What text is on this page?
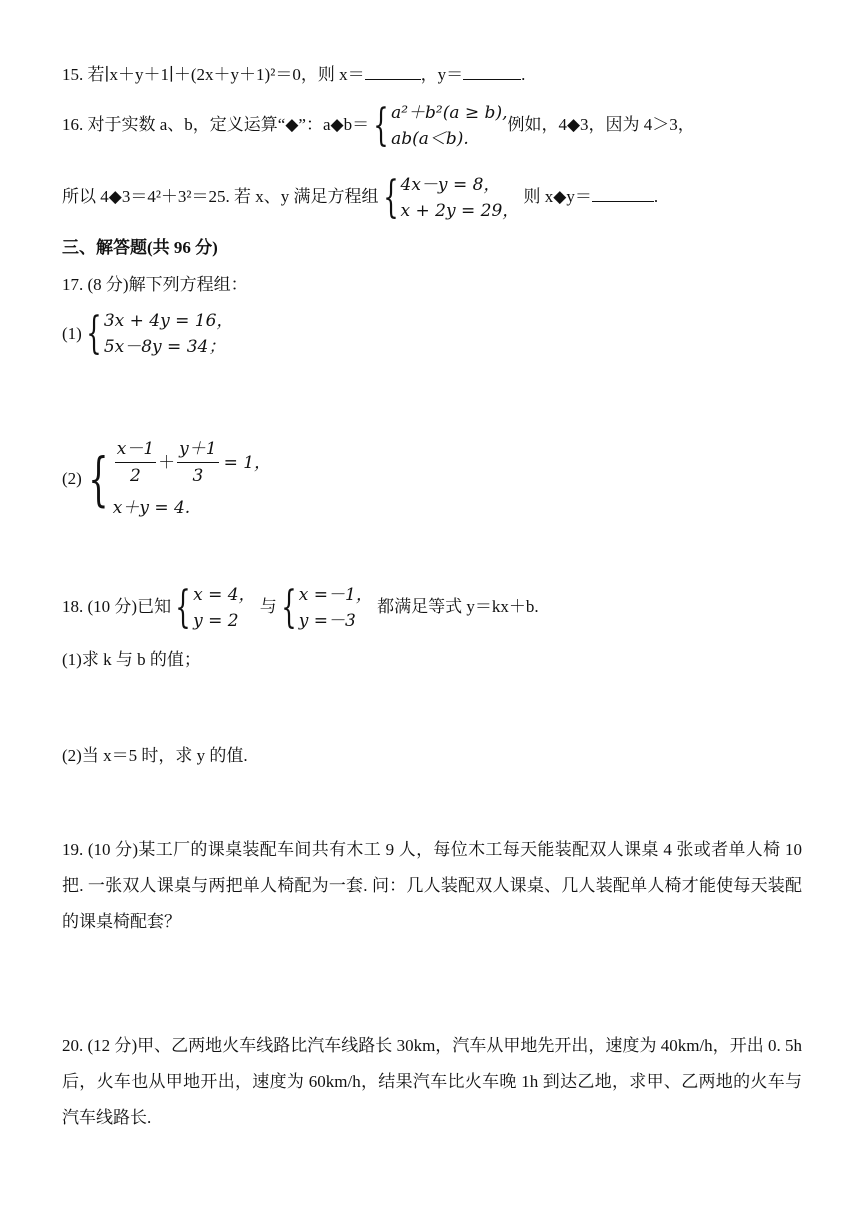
15. 若∣x＋y＋1∣＋(2x＋y＋1)²＝0，则 x＝	，y＝	.
16. 对于实数 a、b，定义运算“◆”：a◆b＝ { a²＋b²(a ≥ b),
ab(a＜b).
例如，4◆3，因为 4＞3，
所以 4◆3＝4²＋3²＝25. 若 x、y 满足方程组 { 4x－y = 8，
x + 2y = 29，
则 x◆y＝	.
三、解答题(共 96 分)
17. (8 分)解下列方程组：
(1) { 3x + 4y = 16，
5x－8y = 34；
(2) { $\frac{x-1}{2} + \frac{y+1}{3} = 1$，
x＋y = 4.
18. (10 分)已知 { x = 4，
y = 2
与 { x =－1，
y =－3
都满足等式 y＝kx＋b.
(1)求 k 与 b 的值；
(2)当 x＝5 时，求 y 的值.
19. (10 分)某工厂的课桌装配车间共有木工 9 人，每位木工每天能装配双人课桌 4 张或者单人椅 10 把. 一张双人课桌与两把单人椅配为一套. 问：几人装配双人课桌、几人装配单人椅才能使每天装配的课桌椅配套？
20. (12 分)甲、乙两地火车线路比汽车线路长 30km，汽车从甲地先开出，速度为 40km/h，开出 0. 5h 后，火车也从甲地开出，速度为 60km/h，结果汽车比火车晚 1h 到达乙地，求甲、乙两地的火车与汽车线路长.
